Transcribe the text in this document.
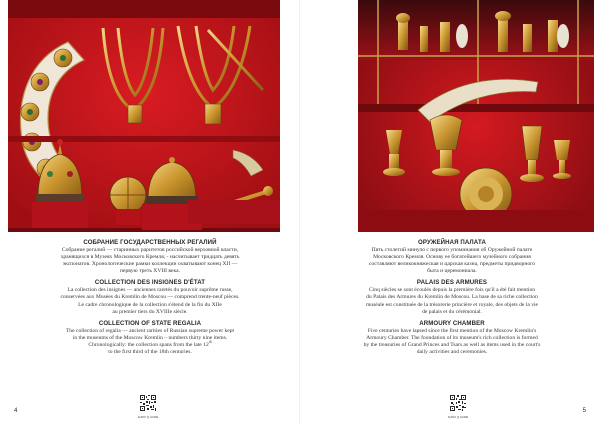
СОБРАНИЕ ГОСУДАРСТВЕННЫХ РЕГАЛИЙ

Собрание регалий — старинных раритетов российской верховной власти,
хранящихся в Музеях Московского Кремля, - насчитывает тридцать девять
экспонатов. Хронологические рамки коллекции охватывают конец XII —
первую треть XVIII века.

COLLECTION DES INSIGNES D'ÉTAT

La collection des insignes — anciennes raretés du pouvoir suprême russe,
conservées aux Musées du Kremlin de Moscou — comprend trente-neuf pièces.
Le cadre chronologique de la collection s'étend de la fin du XIIe
au premier tiers du XVIIIe siècle.

COLLECTION OF STATE REGALIA

The collection of regalia — ancient rarities of Russian supreme power kept
in the museums of the Moscow Kremlin – numbers thirty nine items.
Chronologically: the collection spans from the late 12th
to the first third of the 18th centuries.

AUDIO ))) GUIDE
4

ОРУЖЕЙНАЯ ПАЛАТА

Пять столетий минуло с первого упоминания об Оружейной палате
Московского Кремля. Основу ее богатейшего музейного собрания
составляют великокняжеская и царская казна, предметы придворного
быта и церемониала.

PALAIS DES ARMURES

Cinq siècles se sont écoulés depuis la première fois qu'il a été fait mention
du Palais des Armures du Kremlin de Moscou. La base de sa riche collection
muséale est constituée de la trésorerie princière et royale, des objets de la vie
de palais et du cérémonial.

ARMOURY CHAMBER

Five centuries have lapsed since the first mention of the Moscow Kremlin's
Armoury Chamber. The foundation of its museum's rich collection is formed
by the treasuries of Grand Princes and Tsars as well as items used in the court's
daily activities and ceremonies.

5
AUDIO ))) GUIDE
